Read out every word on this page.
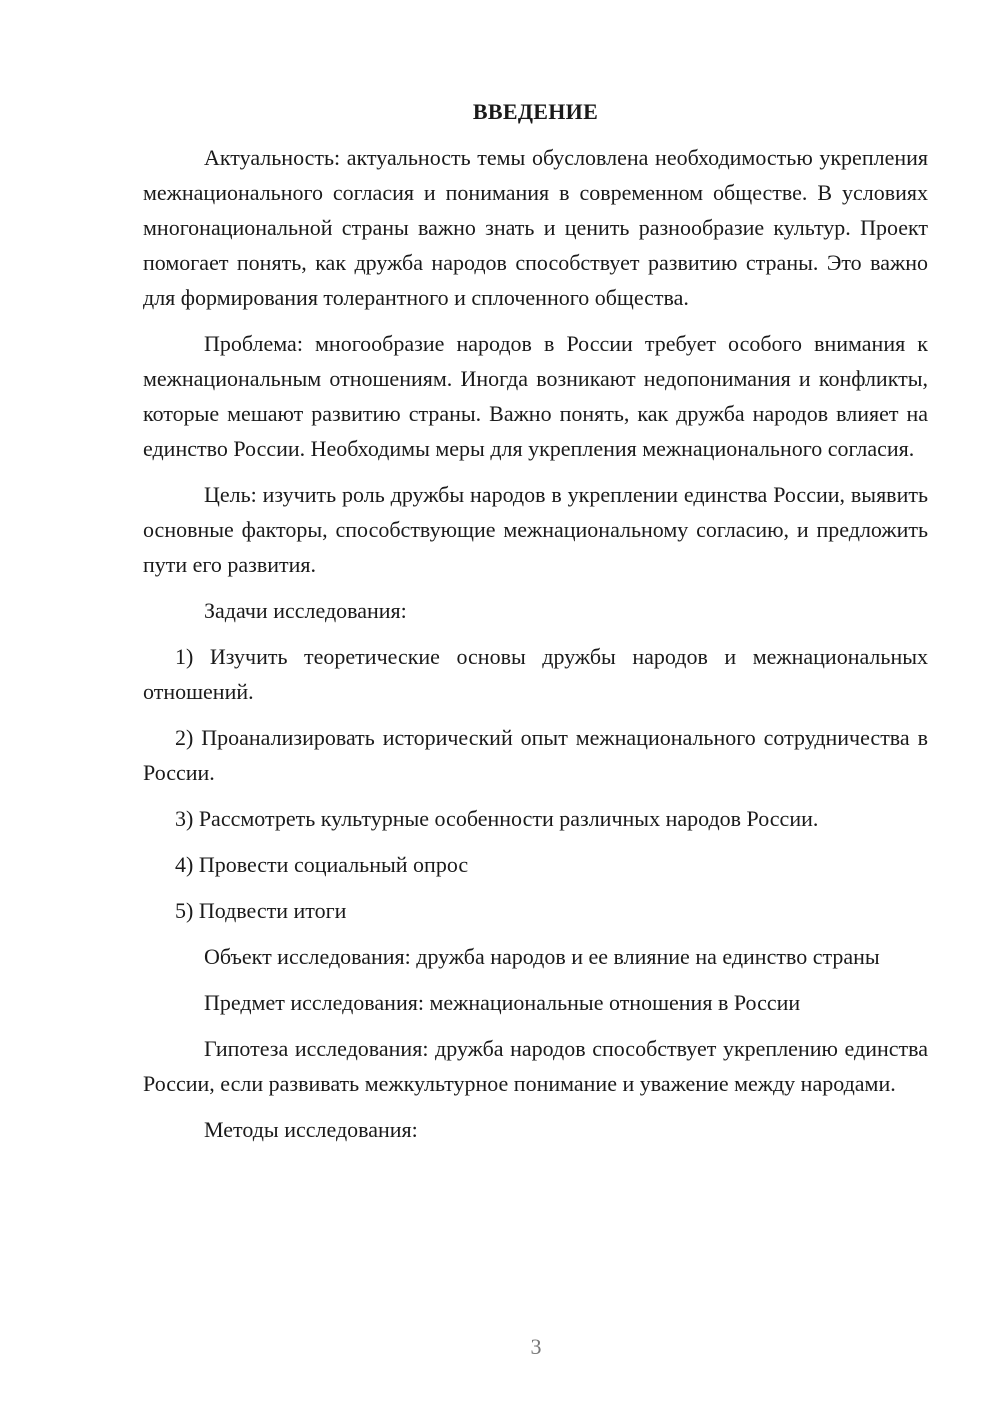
ВВЕДЕНИЕ

Актуальность: актуальность темы обусловлена необходимостью укрепления межнационального согласия и понимания в современном обществе. В условиях многонациональной страны важно знать и ценить разнообразие культур. Проект помогает понять, как дружба народов способствует развитию страны. Это важно для формирования толерантного и сплоченного общества.

Проблема: многообразие народов в России требует особого внимания к межнациональным отношениям. Иногда возникают недопонимания и конфликты, которые мешают развитию страны. Важно понять, как дружба народов влияет на единство России. Необходимы меры для укрепления межнационального согласия.

Цель: изучить роль дружбы народов в укреплении единства России, выявить основные факторы, способствующие межнациональному согласию, и предложить пути его развития.

Задачи исследования:

1) Изучить теоретические основы дружбы народов и межнациональных отношений.

2) Проанализировать исторический опыт межнационального сотрудничества в России.

3) Рассмотреть культурные особенности различных народов России.

4) Провести социальный опрос

5) Подвести итоги

Объект исследования: дружба народов и ее влияние на единство страны

Предмет исследования: межнациональные отношения в России

Гипотеза исследования: дружба народов способствует укреплению единства России, если развивать межкультурное понимание и уважение между народами.

Методы исследования:

3
